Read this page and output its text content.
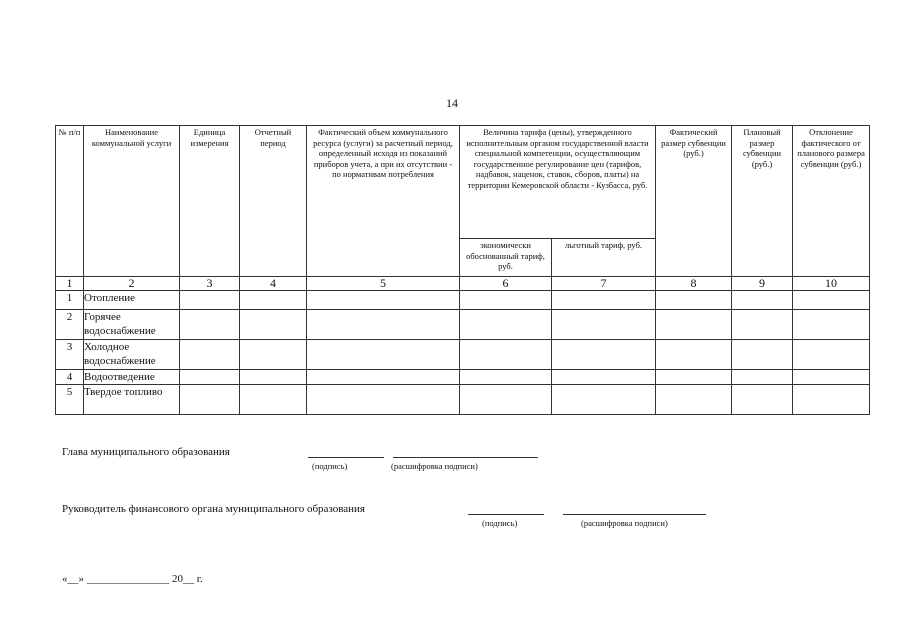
14
№ п/п	Наименование коммунальной услуги	Единица измерения	Отчетный период	Фактический объем коммунального ресурса (услуги) за расчетный период, определенный исходя из показаний приборов учета, а при их отсутствии - по нормативам потребления	Величина тарифа (цены), утвержденного исполнительным органом государственной власти специальной компетенции, осуществляющим государственное регулирование цен (тарифов, надбавок, наценок, ставок, сборов, платы) на территории Кемеровской области - Кузбасса, руб.		Фактический размер субвенции (руб.)	Плановый размер субвенции (руб.)	Отклонение фактического от планового размера субвенции (руб.)
					экономически обоснованный тариф, руб.	льготный тариф, руб.			
1	2	3	4	5	6	7	8	9	10
1	Отопление								
2	Горячее водоснабжение								
3	Холодное водоснабжение								
4	Водоотведение								
5	Твердое топливо								
Глава муниципального образования
(подпись)	(расшифровка подписи)
Руководитель финансового органа муниципального образования
(подпись)	(расшифровка подписи)
«__» _______________ 20__ г.
